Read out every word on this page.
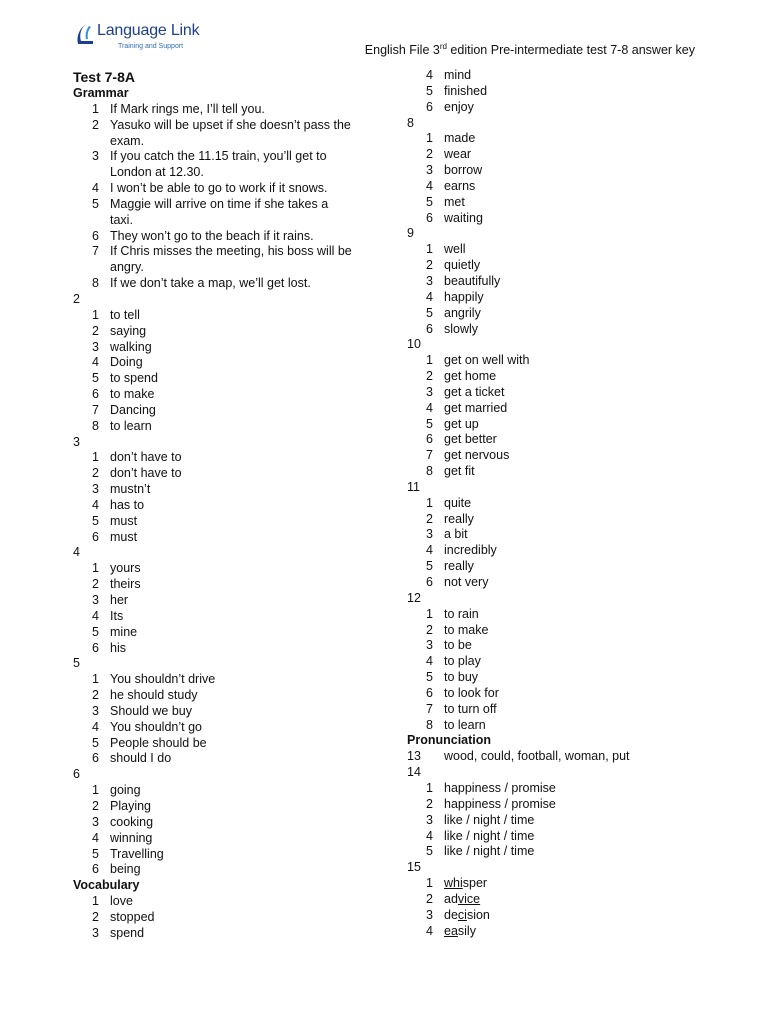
Language Link
Training and Support	English File 3rd edition Pre-intermediate test 7-8 answer key
Test 7-8A
Grammar
1 If Mark rings me, I’ll tell you.
2 Yasuko will be upset if she doesn’t pass the
exam.
3 If you catch the 11.15 train, you’ll get to
London at 12.30.
4 I won’t be able to go to work if it snows.
5 Maggie will arrive on time if she takes a
taxi.
6 They won’t go to the beach if it rains.
7 If Chris misses the meeting, his boss will be
angry.
8 If we don’t take a map, we’ll get lost.
2
1 to tell
2 saying
3 walking
4 Doing
5 to spend
6 to make
7 Dancing
8 to learn
3
1 don’t have to
2 don’t have to
3 mustn’t
4 has to
5 must
6 must
4
1 yours
2 theirs
3 her
4 Its
5 mine
6 his
5
1 You shouldn’t drive
2 he should study
3 Should we buy
4 You shouldn’t go
5 People should be
6 should I do
6
1 going
2 Playing
3 cooking
4 winning
5 Travelling
6 being
Vocabulary
1 love
2 stopped
3 spend
4 mind
5 finished
6 enjoy
8
1 made
2 wear
3 borrow
4 earns
5 met
6 waiting
9
1 well
2 quietly
3 beautifully
4 happily
5 angrily
6 slowly
10
1 get on well with
2 get home
3 get a ticket
4 get married
5 get up
6 get better
7 get nervous
8 get fit
11
1 quite
2 really
3 a bit
4 incredibly
5 really
6 not very
12
1 to rain
2 to make
3 to be
4 to play
5 to buy
6 to look for
7 to turn off
8 to learn
Pronunciation
13	wood, could, football, woman, put
14
1 happiness / promise
2 happiness / promise
3 like / night / time
4 like / night / time
5 like / night / time
15
1 whisper
2 advice
3 decision
4 easily
